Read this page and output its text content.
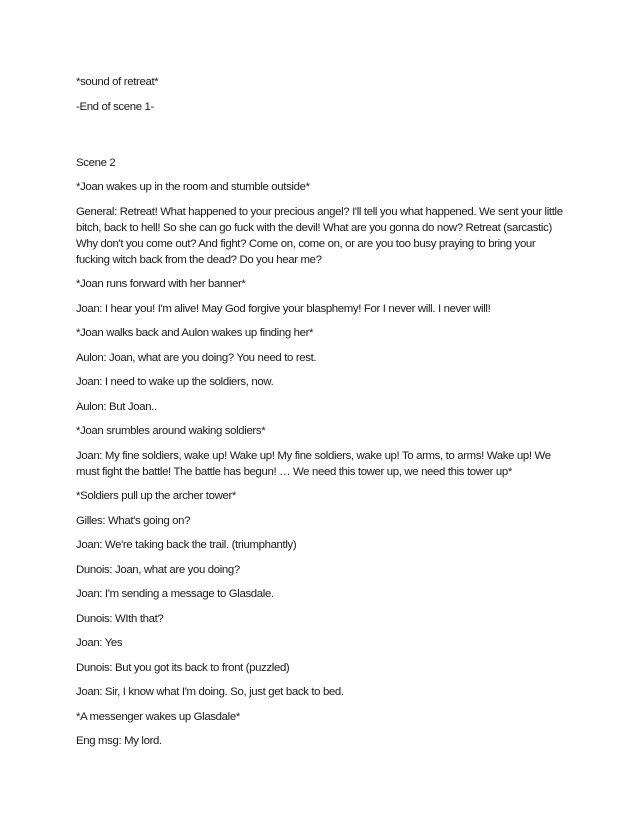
*sound of retreat*

-End of scene 1-

Scene 2

*Joan wakes up in the room and stumble outside*

General: Retreat! What happened to your precious angel? I'll tell you what happened. We sent your little bitch, back to hell! So she can go fuck with the devil! What are you gonna do now? Retreat (sarcastic) Why don't you come out? And fight? Come on, come on, or are you too busy praying to bring your fucking witch back from the dead? Do you hear me?

*Joan runs forward with her banner*

Joan: I hear you! I'm alive! May God forgive your blasphemy! For I never will. I never will!

*Joan walks back and Aulon wakes up finding her*

Aulon: Joan, what are you doing? You need to rest.

Joan: I need to wake up the soldiers, now.

Aulon: But Joan..

*Joan srumbles around waking soldiers*

Joan: My fine soldiers, wake up! Wake up! My fine soldiers, wake up! To arms, to arms! Wake up! We must fight the battle! The battle has begun! … We need this tower up, we need this tower up*

*Soldiers pull up the archer tower*

Gilles: What's going on?

Joan: We're taking back the trail. (triumphantly)

Dunois: Joan, what are you doing?

Joan: I'm sending a message to Glasdale.

Dunois: WIth that?

Joan: Yes

Dunois: But you got its back to front (puzzled)

Joan: Sir, I know what I'm doing. So, just get back to bed.

*A messenger wakes up Glasdale*

Eng msg: My lord.
